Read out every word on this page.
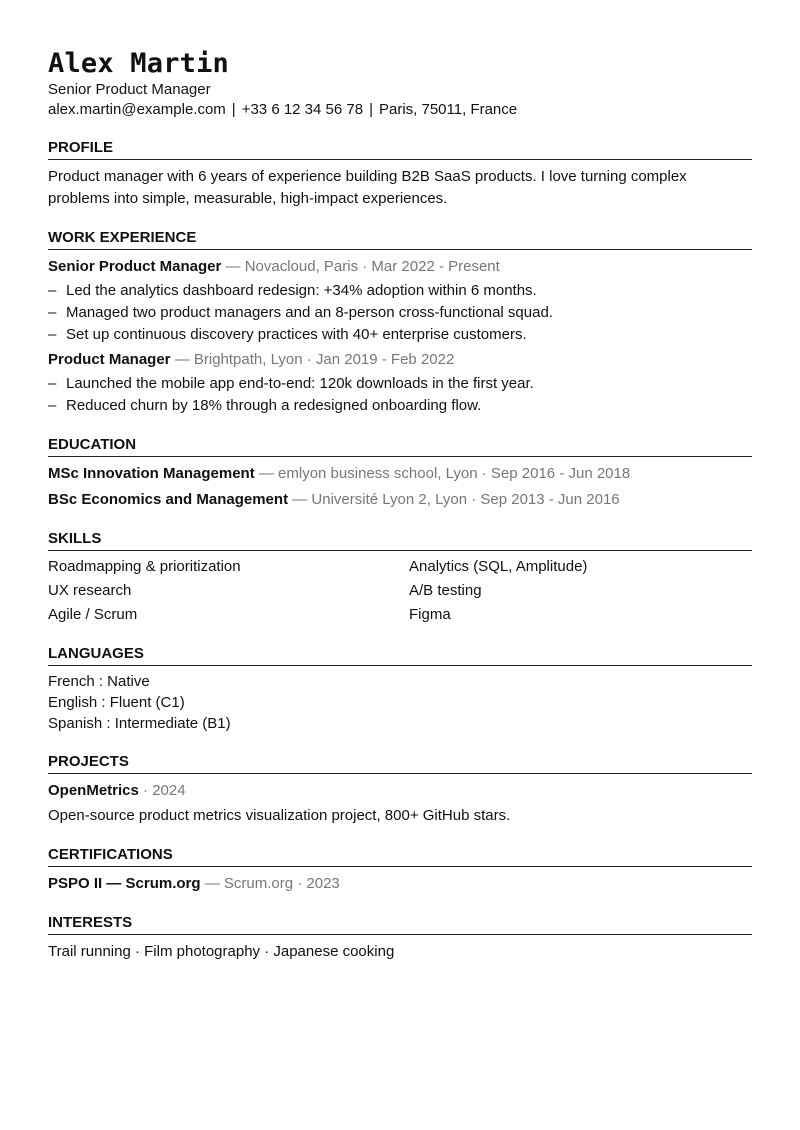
Alex Martin
Senior Product Manager
alex.martin@example.com | +33 6 12 34 56 78 | Paris, 75011, France
PROFILE
Product manager with 6 years of experience building B2B SaaS products. I love turning complex problems into simple, measurable, high-impact experiences.
WORK EXPERIENCE
Senior Product Manager — Novacloud, Paris · Mar 2022 - Present
– Led the analytics dashboard redesign: +34% adoption within 6 months.
– Managed two product managers and an 8-person cross-functional squad.
– Set up continuous discovery practices with 40+ enterprise customers.
Product Manager — Brightpath, Lyon · Jan 2019 - Feb 2022
– Launched the mobile app end-to-end: 120k downloads in the first year.
– Reduced churn by 18% through a redesigned onboarding flow.
EDUCATION
MSc Innovation Management — emlyon business school, Lyon · Sep 2016 - Jun 2018
BSc Economics and Management — Université Lyon 2, Lyon · Sep 2013 - Jun 2016
SKILLS
Roadmapping & prioritization	Analytics (SQL, Amplitude)
UX research	A/B testing
Agile / Scrum	Figma
LANGUAGES
French : Native
English : Fluent (C1)
Spanish : Intermediate (B1)
PROJECTS
OpenMetrics · 2024
Open-source product metrics visualization project, 800+ GitHub stars.
CERTIFICATIONS
PSPO II — Scrum.org — Scrum.org · 2023
INTERESTS
Trail running · Film photography · Japanese cooking
